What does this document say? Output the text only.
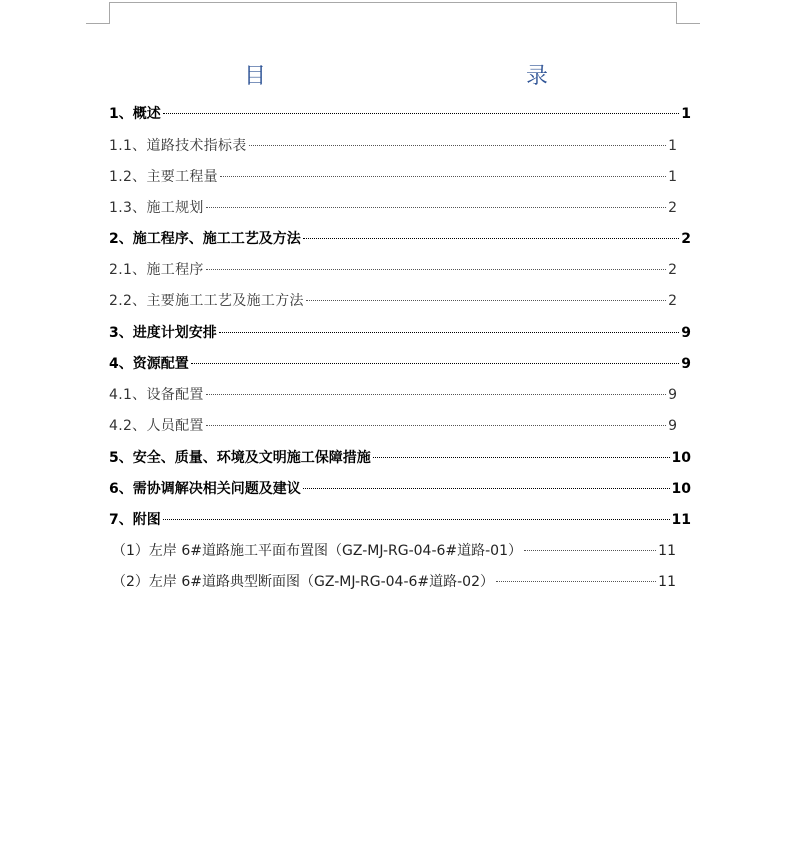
目　　录
1、概述	1
1.1、道路技术指标表	1
1.2、主要工程量	1
1.3、施工规划	2
2、施工程序、施工工艺及方法	2
2.1、施工程序	2
2.2、主要施工工艺及施工方法	2
3、进度计划安排	9
4、资源配置	9
4.1、设备配置	9
4.2、人员配置	9
5、安全、质量、环境及文明施工保障措施	10
6、需协调解决相关问题及建议	10
7、附图	11
（1）左岸 6#道路施工平面布置图（GZ-MJ-RG-04-6#道路-01）	11
（2）左岸 6#道路典型断面图（GZ-MJ-RG-04-6#道路-02）	11
